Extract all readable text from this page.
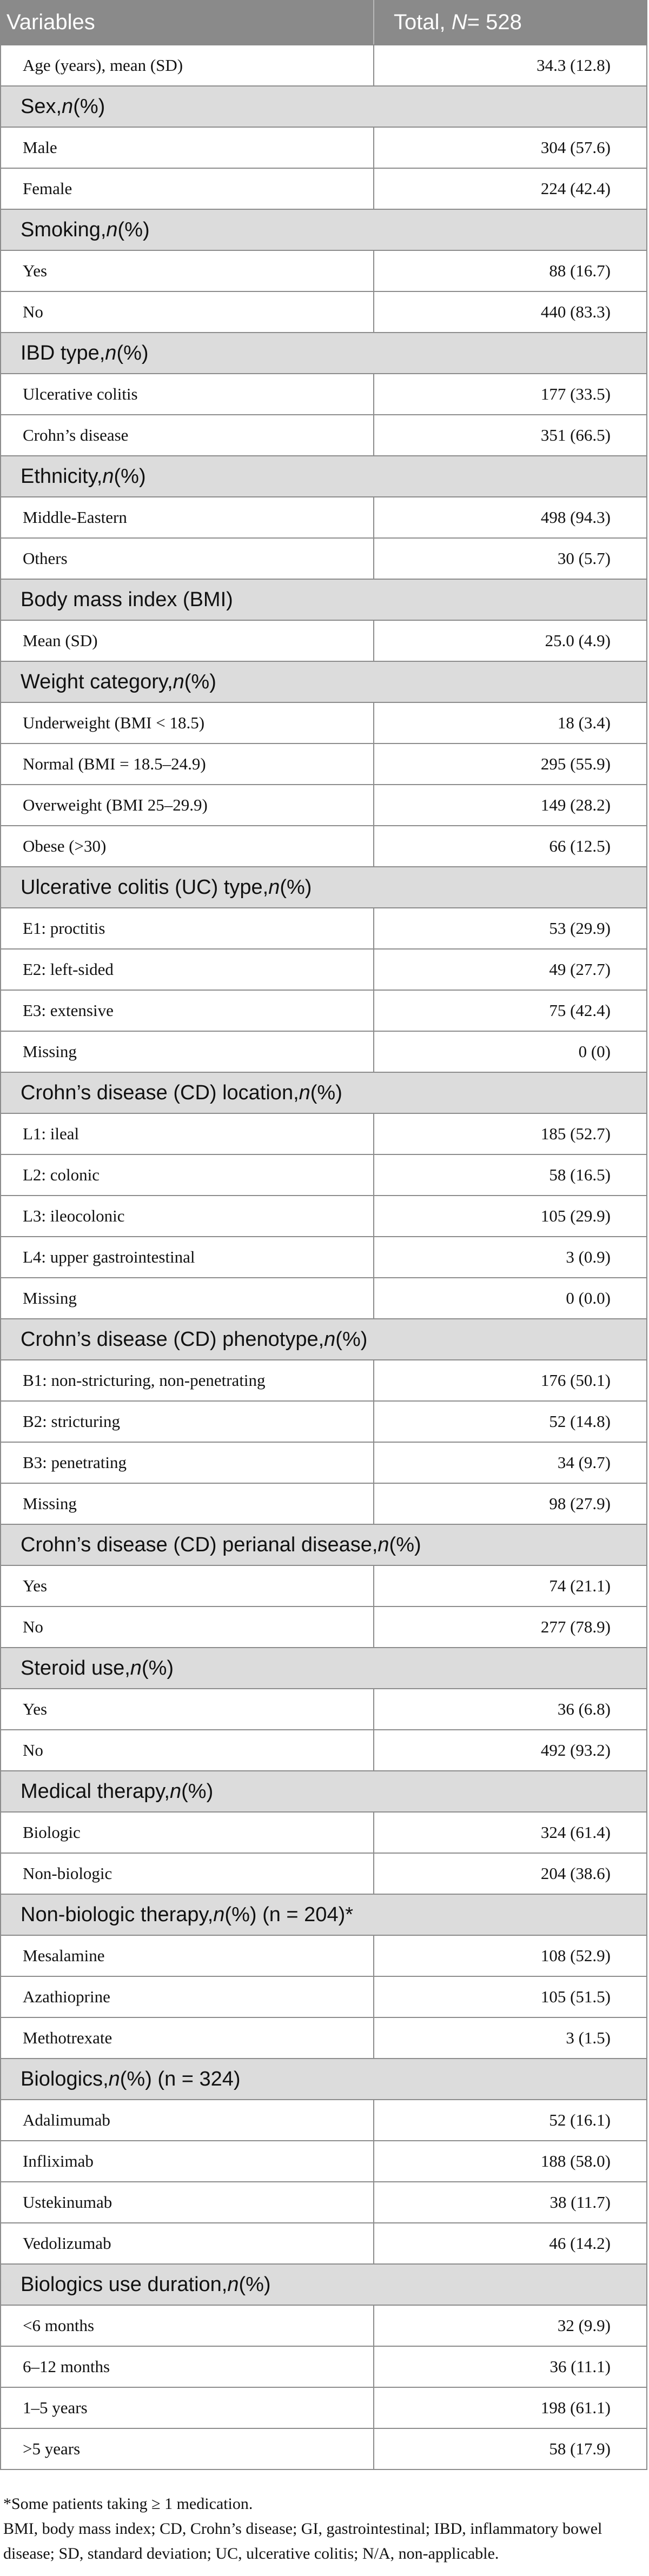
Variables	Total,
N = 528
Age (years), mean (SD)	34.3 (12.8)
Sex, n (%)
Male	304 (57.6)
Female	224 (42.4)
Smoking, n (%)
Yes	88 (16.7)
No	440 (83.3)
IBD type, n (%)
Ulcerative colitis	177 (33.5)
Crohn’s disease	351 (66.5)
Ethnicity, n (%)
Middle-Eastern	498 (94.3)
Others	30 (5.7)
Body mass index (BMI)
Mean (SD)	25.0 (4.9)
Weight category, n (%)
Underweight (BMI < 18.5)	18 (3.4)
Normal (BMI = 18.5–24.9)	295 (55.9)
Overweight (BMI 25–29.9)	149 (28.2)
Obese (>30)	66 (12.5)
Ulcerative colitis (UC) type, n (%)
E1: proctitis	53 (29.9)
E2: left-sided	49 (27.7)
E3: extensive	75 (42.4)
Missing	0 (0)
Crohn’s disease (CD) location, n (%)
L1: ileal	185 (52.7)
L2: colonic	58 (16.5)
L3: ileocolonic	105 (29.9)
L4: upper gastrointestinal	3 (0.9)
Missing	0 (0.0)
Crohn’s disease (CD) phenotype, n (%)
B1: non-stricturing, non-penetrating	176 (50.1)
B2: stricturing	52 (14.8)
B3: penetrating	34 (9.7)
Missing	98 (27.9)
Crohn’s disease (CD) perianal disease, n (%)
Yes	74 (21.1)
No	277 (78.9)
Steroid use, n (%)
Yes	36 (6.8)
No	492 (93.2)
Medical therapy, n (%)
Biologic	324 (61.4)
Non-biologic	204 (38.6)
Non-biologic therapy, n (%) (n = 204)*
Mesalamine	108 (52.9)
Azathioprine	105 (51.5)
Methotrexate	3 (1.5)
Biologics, n (%) (n = 324)
Adalimumab	52 (16.1)
Infliximab	188 (58.0)
Ustekinumab	38 (11.7)
Vedolizumab	46 (14.2)
Biologics use duration, n (%)
<6 months	32 (9.9)
6–12 months	36 (11.1)
1–5 years	198 (61.1)
>5 years	58 (17.9)
*Some patients taking ≥ 1 medication.
BMI, body mass index; CD, Crohn’s disease; GI, gastrointestinal; IBD, inflammatory bowel disease; SD, standard deviation; UC, ulcerative colitis; N/A, non-applicable.
